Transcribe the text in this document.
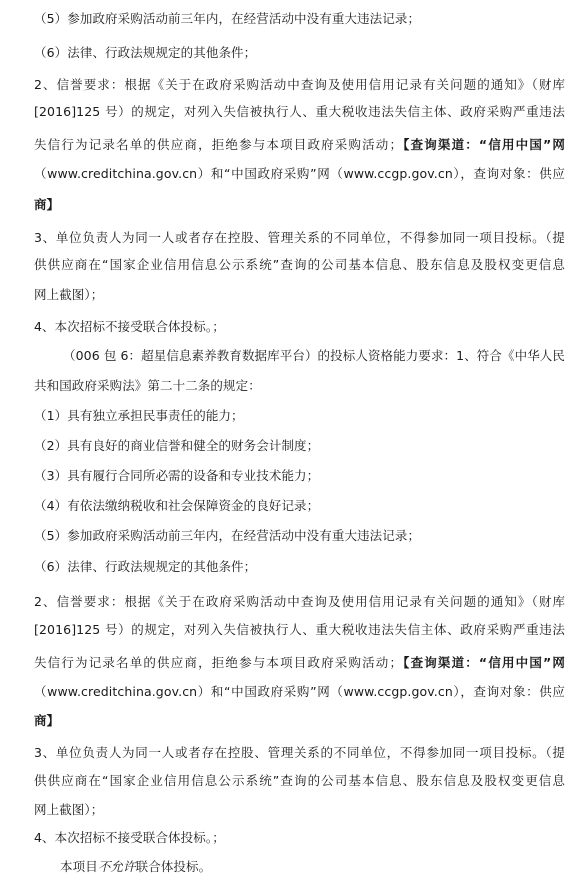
（5）参加政府采购活动前三年内，在经营活动中没有重大违法记录；
（6）法律、行政法规规定的其他条件；
2、信誉要求：根据《关于在政府采购活动中查询及使用信用记录有关问题的通知》（财库
[2016]125 号）的规定，对列入失信被执行人、重大税收违法失信主体、政府采购严重违法
失信行为记录名单的供应商，拒绝参与本项目政府采购活动；【查询渠道：“信用中国”网
（www.creditchina.gov.cn）和“中国政府采购”网（www.ccgp.gov.cn），查询对象：供应
商】
3、单位负责人为同一人或者存在控股、管理关系的不同单位，不得参加同一项目投标。（提
供供应商在“国家企业信用信息公示系统”查询的公司基本信息、股东信息及股权变更信息
网上截图）；
4、本次招标不接受联合体投标。；
（006 包 6：超星信息素养教育数据库平台）的投标人资格能力要求：1、符合《中华人民
共和国政府采购法》第二十二条的规定：
（1）具有独立承担民事责任的能力；
（2）具有良好的商业信誉和健全的财务会计制度；
（3）具有履行合同所必需的设备和专业技术能力；
（4）有依法缴纳税收和社会保障资金的良好记录；
（5）参加政府采购活动前三年内，在经营活动中没有重大违法记录；
（6）法律、行政法规规定的其他条件；
2、信誉要求：根据《关于在政府采购活动中查询及使用信用记录有关问题的通知》（财库
[2016]125 号）的规定，对列入失信被执行人、重大税收违法失信主体、政府采购严重违法
失信行为记录名单的供应商，拒绝参与本项目政府采购活动；【查询渠道：“信用中国”网
（www.creditchina.gov.cn）和“中国政府采购”网（www.ccgp.gov.cn），查询对象：供应
商】
3、单位负责人为同一人或者存在控股、管理关系的不同单位，不得参加同一项目投标。（提
供供应商在“国家企业信用信息公示系统”查询的公司基本信息、股东信息及股权变更信息
网上截图）；
4、本次招标不接受联合体投标。；
本项目不允许联合体投标。
